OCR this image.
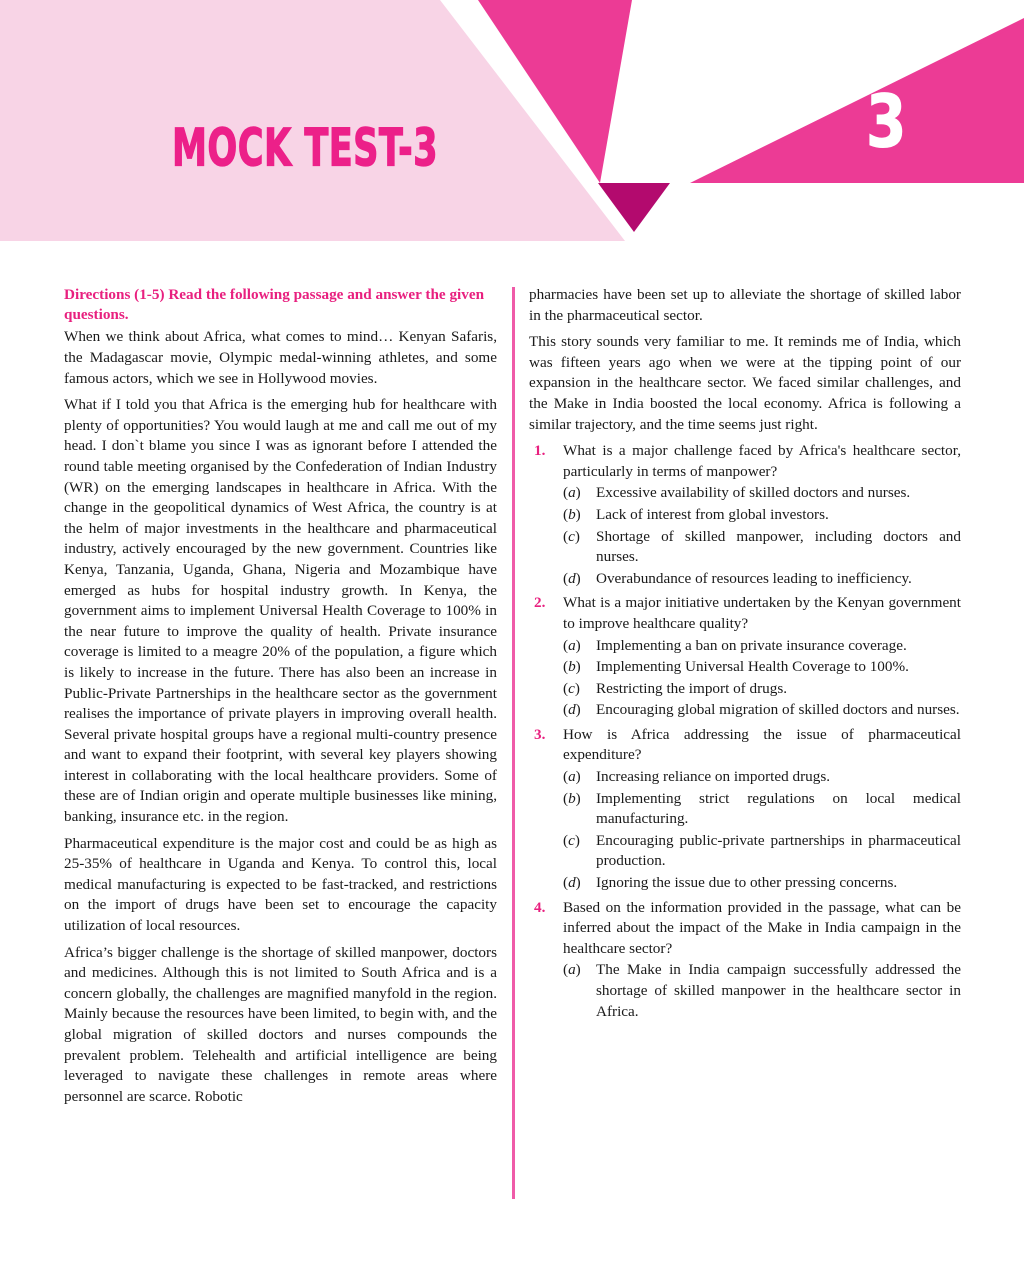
MOCK TEST-3	3

Directions (1-5) Read the following passage and answer the given questions.

When we think about Africa, what comes to mind… Kenyan Safaris, the Madagascar movie, Olympic medal-winning athletes, and some famous actors, which we see in Hollywood movies.

What if I told you that Africa is the emerging hub for healthcare with plenty of opportunities? You would laugh at me and call me out of my head. I don`t blame you since I was as ignorant before I attended the round table meeting organised by the Confederation of Indian Industry (WR) on the emerging landscapes in healthcare in Africa. With the change in the geopolitical dynamics of West Africa, the country is at the helm of major investments in the healthcare and pharmaceutical industry, actively encouraged by the new government. Countries like Kenya, Tanzania, Uganda, Ghana, Nigeria and Mozambique have emerged as hubs for hospital industry growth. In Kenya, the government aims to implement Universal Health Coverage to 100% in the near future to improve the quality of health. Private insurance coverage is limited to a meagre 20% of the population, a figure which is likely to increase in the future. There has also been an increase in Public-Private Partnerships in the healthcare sector as the government realises the importance of private players in improving overall health. Several private hospital groups have a regional multi-country presence and want to expand their footprint, with several key players showing interest in collaborating with the local healthcare providers. Some of these are of Indian origin and operate multiple businesses like mining, banking, insurance etc. in the region.

Pharmaceutical expenditure is the major cost and could be as high as 25-35% of healthcare in Uganda and Kenya. To control this, local medical manufacturing is expected to be fast-tracked, and restrictions on the import of drugs have been set to encourage the capacity utilization of local resources.

Africa’s bigger challenge is the shortage of skilled manpower, doctors and medicines. Although this is not limited to South Africa and is a concern globally, the challenges are magnified manyfold in the region. Mainly because the resources have been limited, to begin with, and the global migration of skilled doctors and nurses compounds the prevalent problem. Telehealth and artificial intelligence are being leveraged to navigate these challenges in remote areas where personnel are scarce. Robotic

pharmacies have been set up to alleviate the shortage of skilled labor in the pharmaceutical sector.

This story sounds very familiar to me. It reminds me of India, which was fifteen years ago when we were at the tipping point of our expansion in the healthcare sector. We faced similar challenges, and the Make in India boosted the local economy. Africa is following a similar trajectory, and the time seems just right.

1.	What is a major challenge faced by Africa's healthcare sector, particularly in terms of manpower?

(a)	Excessive availability of skilled doctors and nurses.
(b)	Lack of interest from global investors.
(c)	Shortage of skilled manpower, including doctors and nurses.
(d)	Overabundance of resources leading to inefficiency.
2.	What is a major initiative undertaken by the Kenyan government to improve healthcare quality?

(a)	Implementing a ban on private insurance coverage.
(b)	Implementing Universal Health Coverage to 100%.
(c)	Restricting the import of drugs.
(d)	Encouraging global migration of skilled doctors and nurses.
3.	How is Africa addressing the issue of pharmaceutical expenditure?

(a)	Increasing reliance on imported drugs.
(b)	Implementing strict regulations on local medical manufacturing.
(c)	Encouraging public-private partnerships in pharmaceutical production.
(d)	Ignoring the issue due to other pressing concerns.
4.	Based on the information provided in the passage, what can be inferred about the impact of the Make in India campaign in the healthcare sector?

(a)	The Make in India campaign successfully addressed the shortage of skilled manpower in the healthcare sector in Africa.
